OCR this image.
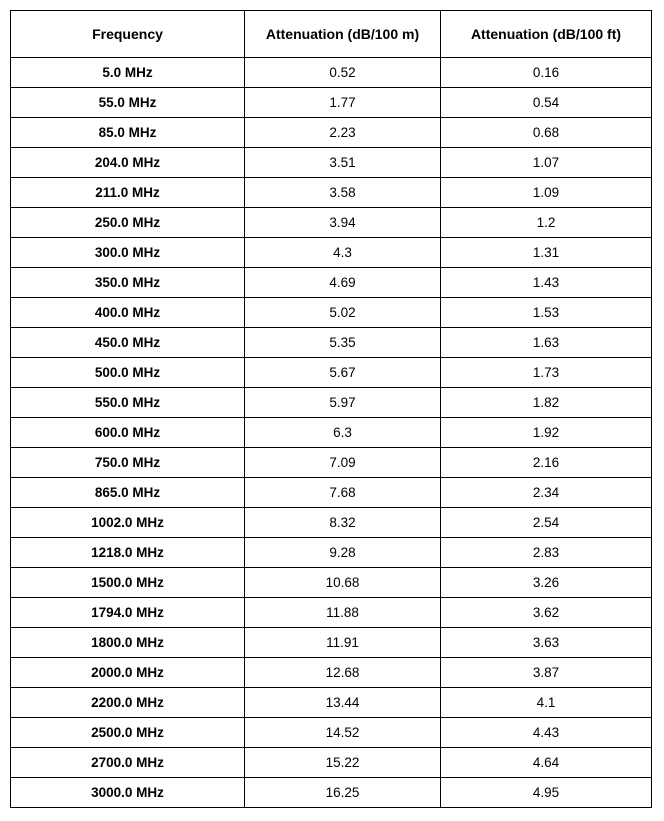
Frequency	Attenuation (dB/100 m)	Attenuation (dB/100 ft)
5.0 MHz	0.52	0.16
55.0 MHz	1.77	0.54
85.0 MHz	2.23	0.68
204.0 MHz	3.51	1.07
211.0 MHz	3.58	1.09
250.0 MHz	3.94	1.2
300.0 MHz	4.3	1.31
350.0 MHz	4.69	1.43
400.0 MHz	5.02	1.53
450.0 MHz	5.35	1.63
500.0 MHz	5.67	1.73
550.0 MHz	5.97	1.82
600.0 MHz	6.3	1.92
750.0 MHz	7.09	2.16
865.0 MHz	7.68	2.34
1002.0 MHz	8.32	2.54
1218.0 MHz	9.28	2.83
1500.0 MHz	10.68	3.26
1794.0 MHz	11.88	3.62
1800.0 MHz	11.91	3.63
2000.0 MHz	12.68	3.87
2200.0 MHz	13.44	4.1
2500.0 MHz	14.52	4.43
2700.0 MHz	15.22	4.64
3000.0 MHz	16.25	4.95
